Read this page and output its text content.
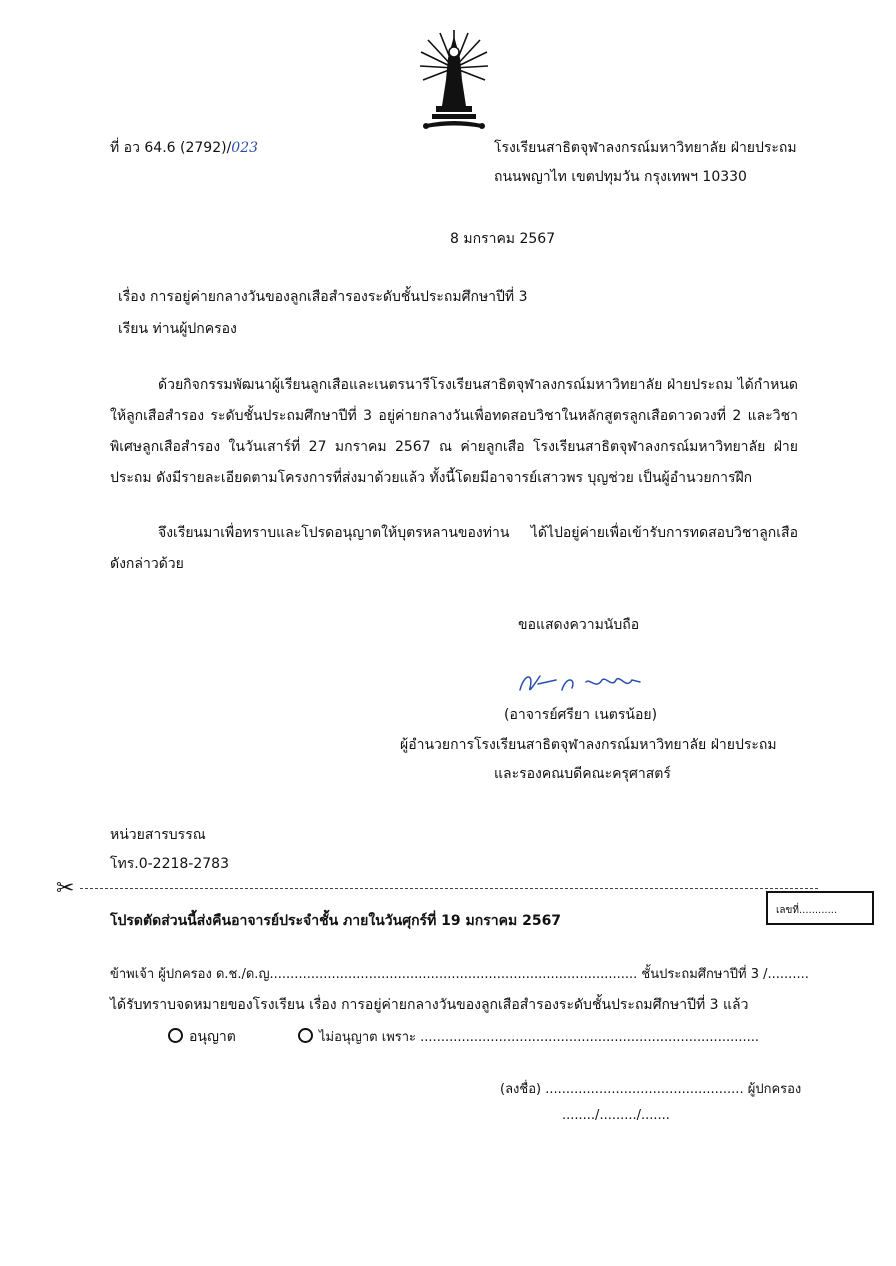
ที่ อว 64.6 (2792)/023	โรงเรียนสาธิตจุฬาลงกรณ์มหาวิทยาลัย ฝ่ายประถม
ถนนพญาไท เขตปทุมวัน กรุงเทพฯ 10330
8 มกราคม 2567
เรื่อง การอยู่ค่ายกลางวันของลูกเสือสำรองระดับชั้นประถมศึกษาปีที่ 3
เรียน ท่านผู้ปกครอง
ด้วยกิจกรรมพัฒนาผู้เรียนลูกเสือและเนตรนารีโรงเรียนสาธิตจุฬาลงกรณ์มหาวิทยาลัย ฝ่ายประถม ได้กำหนดให้ลูกเสือสำรอง ระดับชั้นประถมศึกษาปีที่ 3 อยู่ค่ายกลางวันเพื่อทดสอบวิชาในหลักสูตรลูกเสือดาวดวงที่ 2 และวิชาพิเศษลูกเสือสำรอง ในวันเสาร์ที่ 27 มกราคม 2567 ณ ค่ายลูกเสือ โรงเรียนสาธิตจุฬาลงกรณ์มหาวิทยาลัย ฝ่ายประถม ดังมีรายละเอียดตามโครงการที่ส่งมาด้วยแล้ว ทั้งนี้โดยมีอาจารย์เสาวพร บุญช่วย เป็นผู้อำนวยการฝึก
จึงเรียนมาเพื่อทราบและโปรดอนุญาตให้บุตรหลานของท่าน ได้ไปอยู่ค่ายเพื่อเข้ารับการทดสอบวิชาลูกเสือ ดังกล่าวด้วย
ขอแสดงความนับถือ
(อาจารย์ศรียา เนตรน้อย)
ผู้อำนวยการโรงเรียนสาธิตจุฬาลงกรณ์มหาวิทยาลัย ฝ่ายประถม
และรองคณบดีคณะครุศาสตร์
หน่วยสารบรรณ
โทร.0-2218-2783
✂
เลขที่............
โปรดตัดส่วนนี้ส่งคืนอาจารย์ประจำชั้น ภายในวันศุกร์ที่ 19 มกราคม 2567
ข้าพเจ้า ผู้ปกครอง ด.ช./ด.ญ......................................................................................... ชั้นประถมศึกษาปีที่ 3 /..........
ได้รับทราบจดหมายของโรงเรียน เรื่อง การอยู่ค่ายกลางวันของลูกเสือสำรองระดับชั้นประถมศึกษาปีที่ 3 แล้ว
อนุญาต	ไม่อนุญาต เพราะ ..................................................................................
(ลงชื่อ) ................................................ ผู้ปกครอง
......../........./.......
